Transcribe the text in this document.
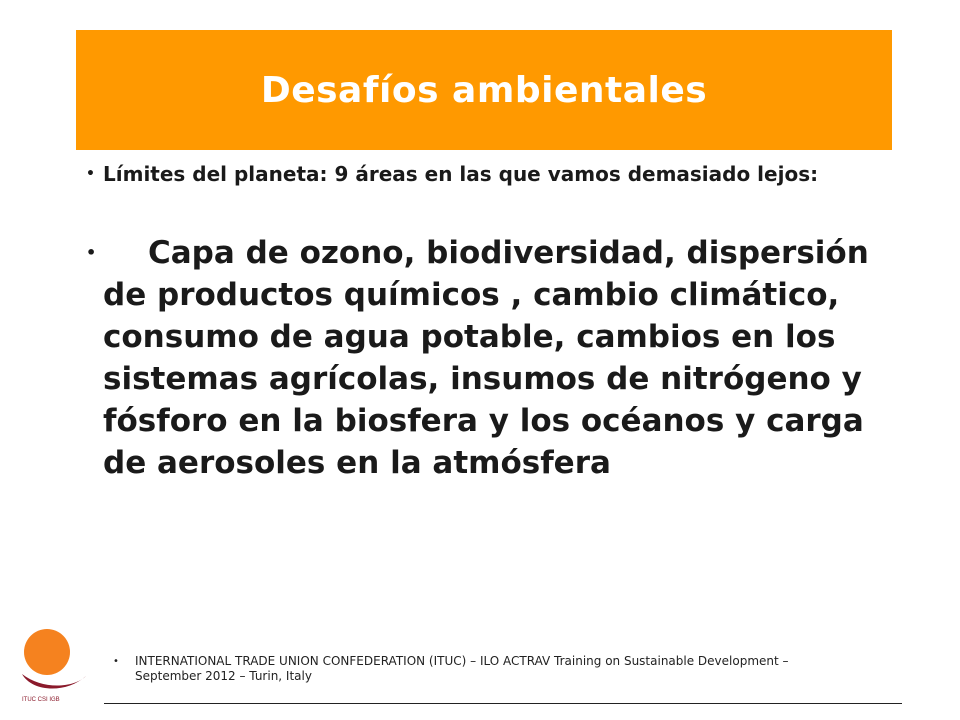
Desafíos ambientales
• Límites del planeta: 9 áreas en las que vamos demasiado lejos:
•	Capa de ozono, biodiversidad, dispersión de productos químicos , cambio climático, consumo de agua potable, cambios en los sistemas agrícolas, insumos de nitrógeno y fósforo en la biosfera y los océanos y carga de aerosoles en la atmósfera
ITUC CSI IGB
•	INTERNATIONAL TRADE UNION CONFEDERATION (ITUC) – ILO ACTRAV Training on Sustainable Development – September 2012 – Turin, Italy
